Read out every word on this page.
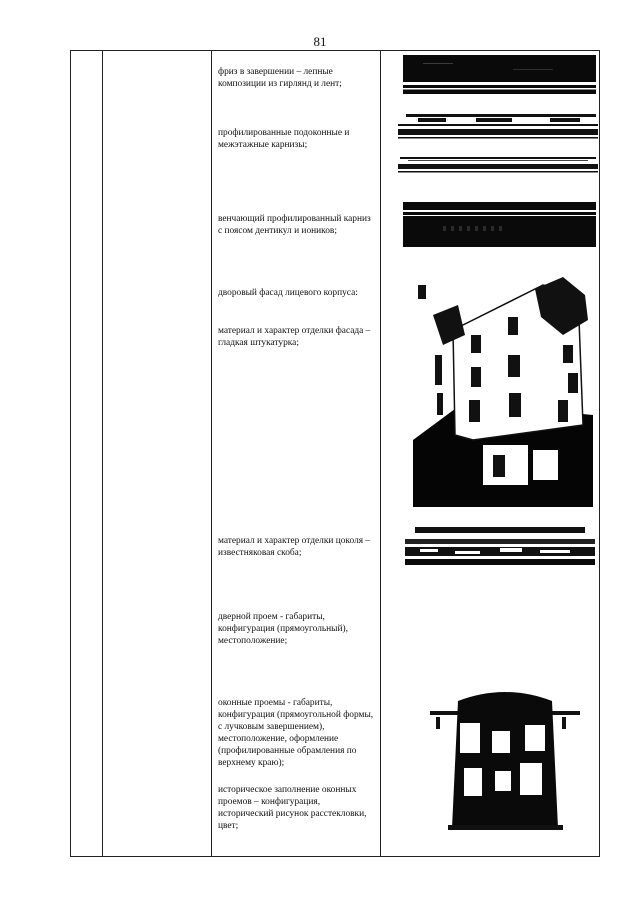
81

фриз в завершении – лепные композиции из гирлянд и лент;

профилированные подоконные и межэтажные карнизы;

венчающий профилированный карниз с поясом дентикул и иоников;

дворовый фасад лицевого корпуса:

материал и характер отделки фасада – гладкая штукатурка;

материал и характер отделки цоколя – известняковая скоба;

дверной проем - габариты, конфигурация (прямоугольный), местоположение;

оконные проемы - габариты, конфигурация (прямоугольной формы, с лучковым завершением), местоположение, оформление (профилированные обрамления по верхнему краю);

историческое заполнение оконных проемов – конфигурация, исторический рисунок расстекловки, цвет;
